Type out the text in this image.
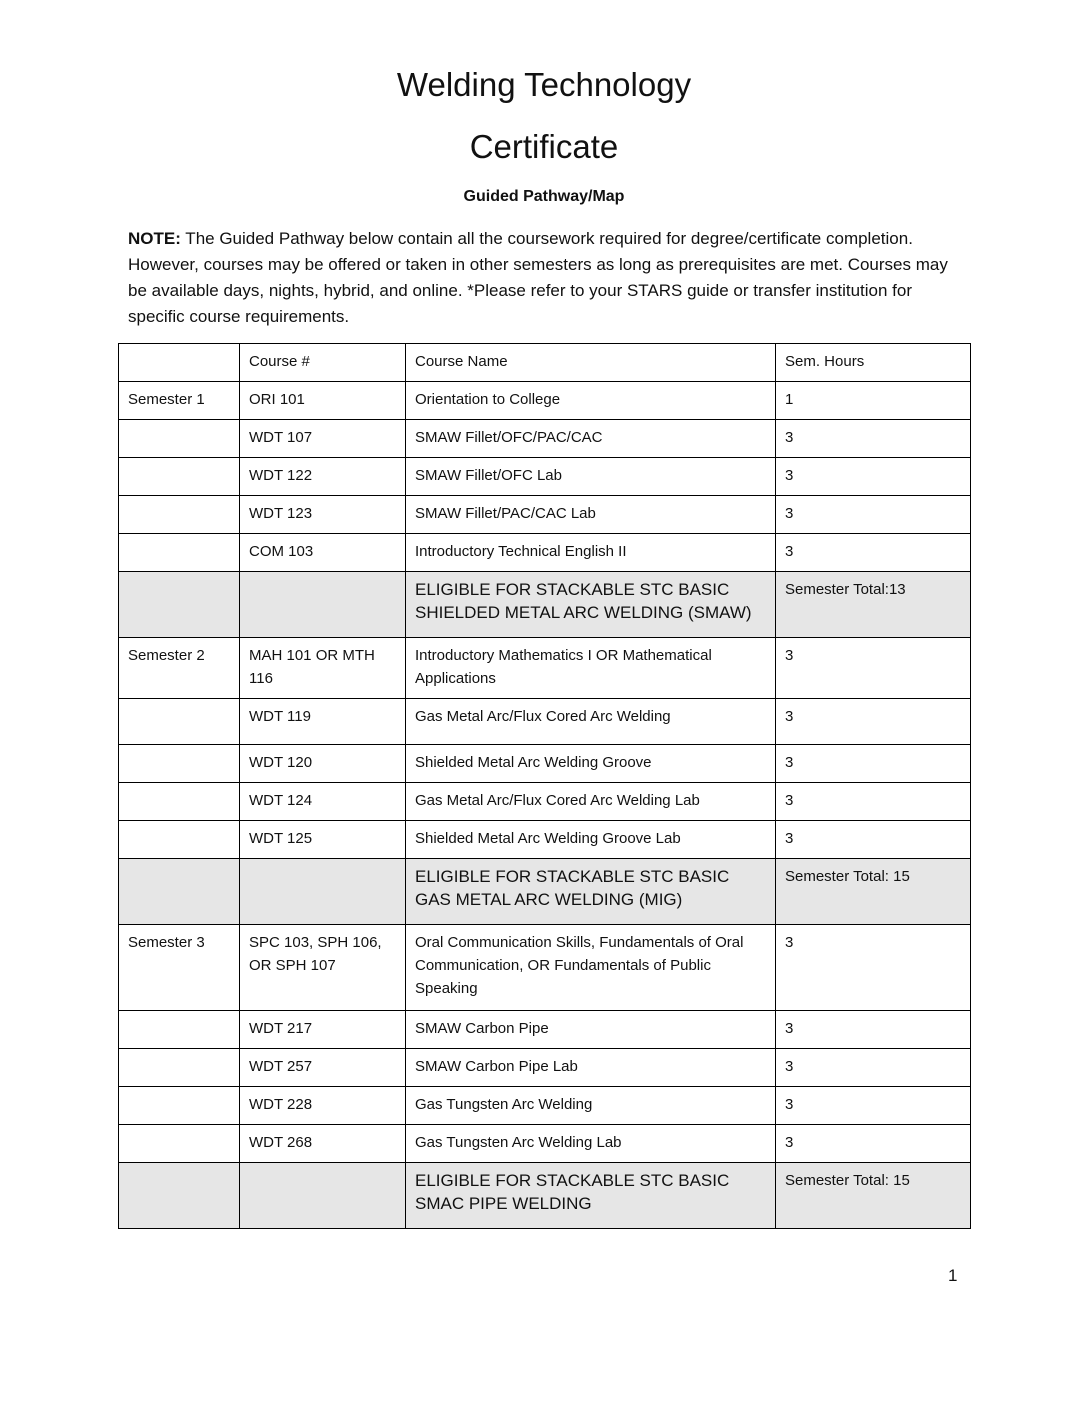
Welding Technology
Certificate
Guided Pathway/Map
NOTE: The Guided Pathway below contain all the coursework required for degree/certificate completion. However, courses may be offered or taken in other semesters as long as prerequisites are met. Courses may be available days, nights, hybrid, and online. *Please refer to your STARS guide or transfer institution for specific course requirements.
	Course #	Course Name	Sem. Hours
Semester 1	ORI 101	Orientation to College	1
	WDT 107	SMAW Fillet/OFC/PAC/CAC	3
	WDT 122	SMAW Fillet/OFC Lab	3
	WDT 123	SMAW Fillet/PAC/CAC Lab	3
	COM 103	Introductory Technical English II	3
		ELIGIBLE FOR STACKABLE STC BASIC SHIELDED METAL ARC WELDING (SMAW)	Semester Total:13
Semester 2	MAH 101 OR MTH 116	Introductory Mathematics I OR Mathematical Applications	3
	WDT 119	Gas Metal Arc/Flux Cored Arc Welding	3
	WDT 120	Shielded Metal Arc Welding Groove	3
	WDT 124	Gas Metal Arc/Flux Cored Arc Welding Lab	3
	WDT 125	Shielded Metal Arc Welding Groove Lab	3
		ELIGIBLE FOR STACKABLE STC BASIC GAS METAL ARC WELDING (MIG)	Semester Total: 15
Semester 3	SPC 103, SPH 106, OR SPH 107	Oral Communication Skills, Fundamentals of Oral Communication, OR Fundamentals of Public Speaking	3
	WDT 217	SMAW Carbon Pipe	3
	WDT 257	SMAW Carbon Pipe Lab	3
	WDT 228	Gas Tungsten Arc Welding	3
	WDT 268	Gas Tungsten Arc Welding Lab	3
		ELIGIBLE FOR STACKABLE STC BASIC SMAC PIPE WELDING	Semester Total: 15
1
